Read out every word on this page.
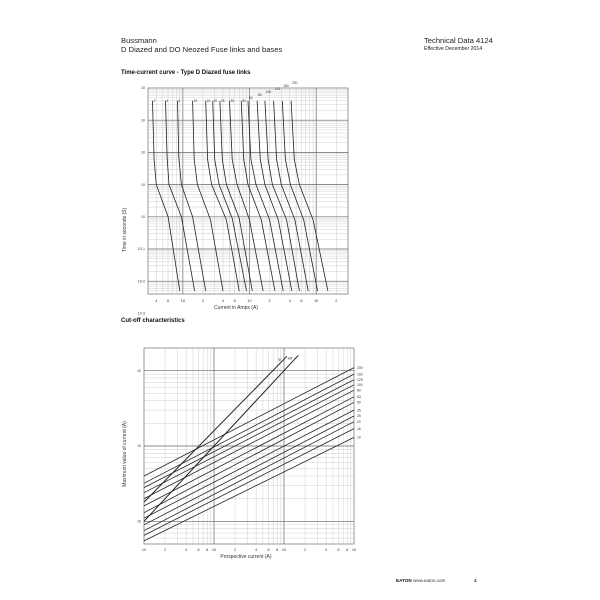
Bussmann
D Diazed and DO Neozed Fuse links and bases
Technical Data 4124
Effective December 2014
Time-current curve - Type D Diazed fuse links
2	4	6	10	16 20 25 35	50
63
80
100
125
160
200
10-3
10-2
10-1
10
10
10
10
10
4	6	10	2	4	6	10	2	4	6	10	2
Time in seconds (S)
Current in Amps (A)
Cut-off characteristics
200
160
125
100
80
63
50
35
25
20
16
10
Ip Ieff
10
10
10
10	10	10	10
2	4	6 8	2	4	6 8	2	4	6 8
Maximum value of current (A)
Prospective current (A)
EATON www.eaton.com	4
